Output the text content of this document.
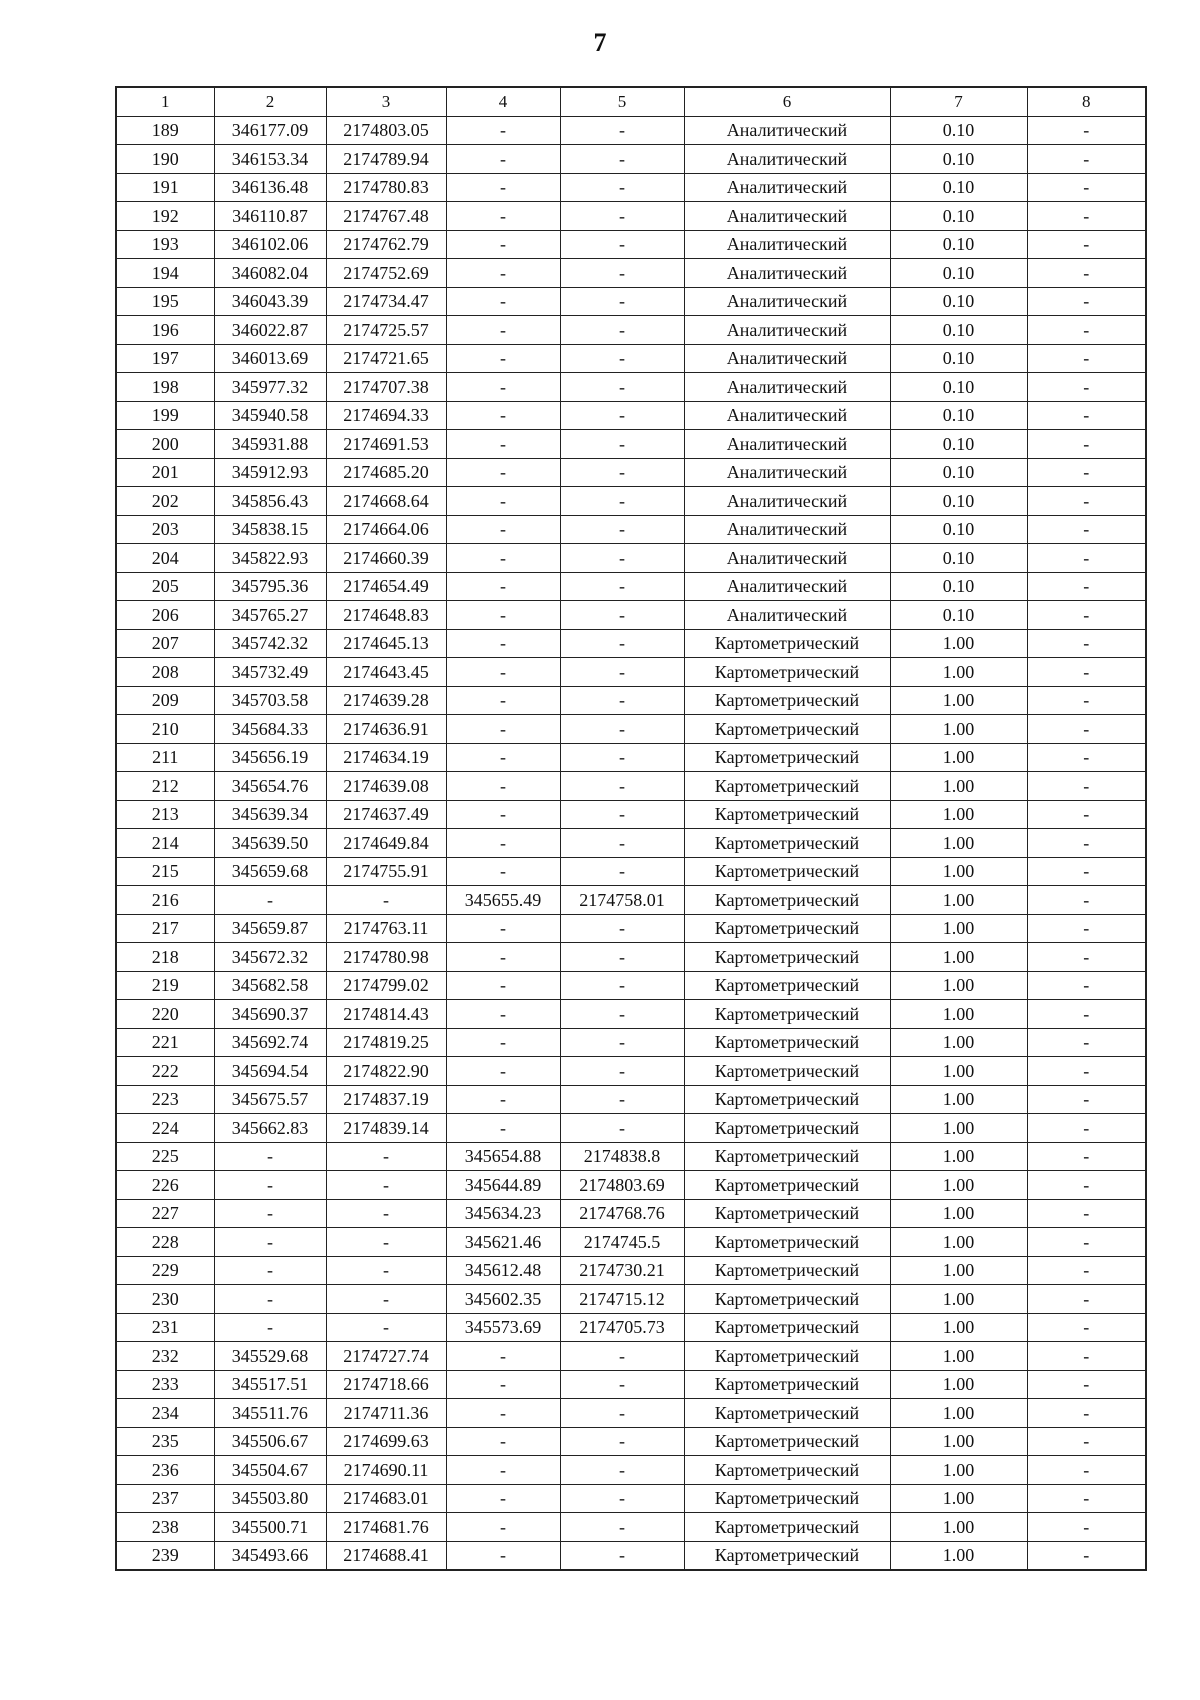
7
1	2	3	4	5	6	7	8
189	346177.09	2174803.05	-	-	Аналитический	0.10	-
190	346153.34	2174789.94	-	-	Аналитический	0.10	-
191	346136.48	2174780.83	-	-	Аналитический	0.10	-
192	346110.87	2174767.48	-	-	Аналитический	0.10	-
193	346102.06	2174762.79	-	-	Аналитический	0.10	-
194	346082.04	2174752.69	-	-	Аналитический	0.10	-
195	346043.39	2174734.47	-	-	Аналитический	0.10	-
196	346022.87	2174725.57	-	-	Аналитический	0.10	-
197	346013.69	2174721.65	-	-	Аналитический	0.10	-
198	345977.32	2174707.38	-	-	Аналитический	0.10	-
199	345940.58	2174694.33	-	-	Аналитический	0.10	-
200	345931.88	2174691.53	-	-	Аналитический	0.10	-
201	345912.93	2174685.20	-	-	Аналитический	0.10	-
202	345856.43	2174668.64	-	-	Аналитический	0.10	-
203	345838.15	2174664.06	-	-	Аналитический	0.10	-
204	345822.93	2174660.39	-	-	Аналитический	0.10	-
205	345795.36	2174654.49	-	-	Аналитический	0.10	-
206	345765.27	2174648.83	-	-	Аналитический	0.10	-
207	345742.32	2174645.13	-	-	Картометрический	1.00	-
208	345732.49	2174643.45	-	-	Картометрический	1.00	-
209	345703.58	2174639.28	-	-	Картометрический	1.00	-
210	345684.33	2174636.91	-	-	Картометрический	1.00	-
211	345656.19	2174634.19	-	-	Картометрический	1.00	-
212	345654.76	2174639.08	-	-	Картометрический	1.00	-
213	345639.34	2174637.49	-	-	Картометрический	1.00	-
214	345639.50	2174649.84	-	-	Картометрический	1.00	-
215	345659.68	2174755.91	-	-	Картометрический	1.00	-
216	-	-	345655.49	2174758.01	Картометрический	1.00	-
217	345659.87	2174763.11	-	-	Картометрический	1.00	-
218	345672.32	2174780.98	-	-	Картометрический	1.00	-
219	345682.58	2174799.02	-	-	Картометрический	1.00	-
220	345690.37	2174814.43	-	-	Картометрический	1.00	-
221	345692.74	2174819.25	-	-	Картометрический	1.00	-
222	345694.54	2174822.90	-	-	Картометрический	1.00	-
223	345675.57	2174837.19	-	-	Картометрический	1.00	-
224	345662.83	2174839.14	-	-	Картометрический	1.00	-
225	-	-	345654.88	2174838.8	Картометрический	1.00	-
226	-	-	345644.89	2174803.69	Картометрический	1.00	-
227	-	-	345634.23	2174768.76	Картометрический	1.00	-
228	-	-	345621.46	2174745.5	Картометрический	1.00	-
229	-	-	345612.48	2174730.21	Картометрический	1.00	-
230	-	-	345602.35	2174715.12	Картометрический	1.00	-
231	-	-	345573.69	2174705.73	Картометрический	1.00	-
232	345529.68	2174727.74	-	-	Картометрический	1.00	-
233	345517.51	2174718.66	-	-	Картометрический	1.00	-
234	345511.76	2174711.36	-	-	Картометрический	1.00	-
235	345506.67	2174699.63	-	-	Картометрический	1.00	-
236	345504.67	2174690.11	-	-	Картометрический	1.00	-
237	345503.80	2174683.01	-	-	Картометрический	1.00	-
238	345500.71	2174681.76	-	-	Картометрический	1.00	-
239	345493.66	2174688.41	-	-	Картометрический	1.00	-
